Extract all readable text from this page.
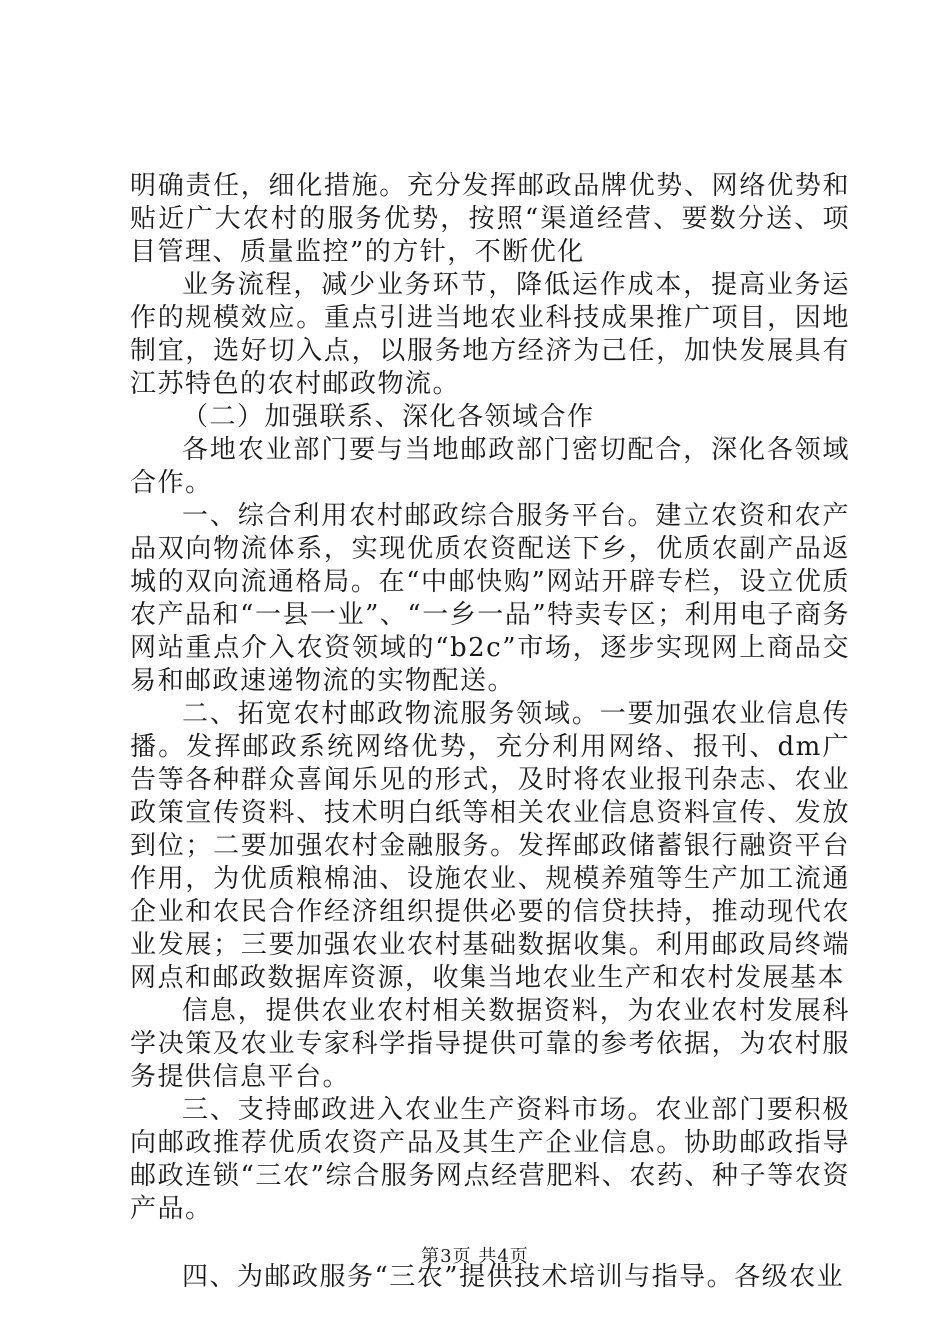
明确责任，细化措施。充分发挥邮政品牌优势、网络优势和贴近广大农村的服务优势，按照“渠道经营、要数分送、项目管理、质量监控”的方针，不断优化

业务流程，减少业务环节，降低运作成本，提高业务运作的规模效应。重点引进当地农业科技成果推广项目，因地制宜，选好切入点，以服务地方经济为己任，加快发展具有江苏特色的农村邮政物流。

（二）加强联系、深化各领域合作

各地农业部门要与当地邮政部门密切配合，深化各领域合作。

一、综合利用农村邮政综合服务平台。建立农资和农产品双向物流体系，实现优质农资配送下乡，优质农副产品返城的双向流通格局。在“中邮快购”网站开辟专栏，设立优质农产品和“一县一业”、“一乡一品”特卖专区；利用电子商务网站重点介入农资领域的“b2c”市场，逐步实现网上商品交易和邮政速递物流的实物配送。

二、拓宽农村邮政物流服务领域。一要加强农业信息传播。发挥邮政系统网络优势，充分利用网络、报刊、dm广告等各种群众喜闻乐见的形式，及时将农业报刊杂志、农业政策宣传资料、技术明白纸等相关农业信息资料宣传、发放到位；二要加强农村金融服务。发挥邮政储蓄银行融资平台作用，为优质粮棉油、设施农业、规模养殖等生产加工流通企业和农民合作经济组织提供必要的信贷扶持，推动现代农业发展；三要加强农业农村基础数据收集。利用邮政局终端网点和邮政数据库资源，收集当地农业生产和农村发展基本

信息，提供农业农村相关数据资料，为农业农村发展科学决策及农业专家科学指导提供可靠的参考依据，为农村服务提供信息平台。

三、支持邮政进入农业生产资料市场。农业部门要积极向邮政推荐优质农资产品及其生产企业信息。协助邮政指导邮政连锁“三农”综合服务网点经营肥料、农药、种子等农资产品。

四、为邮政服务“三农”提供技术培训与指导。各级农业

第3页 共4页
